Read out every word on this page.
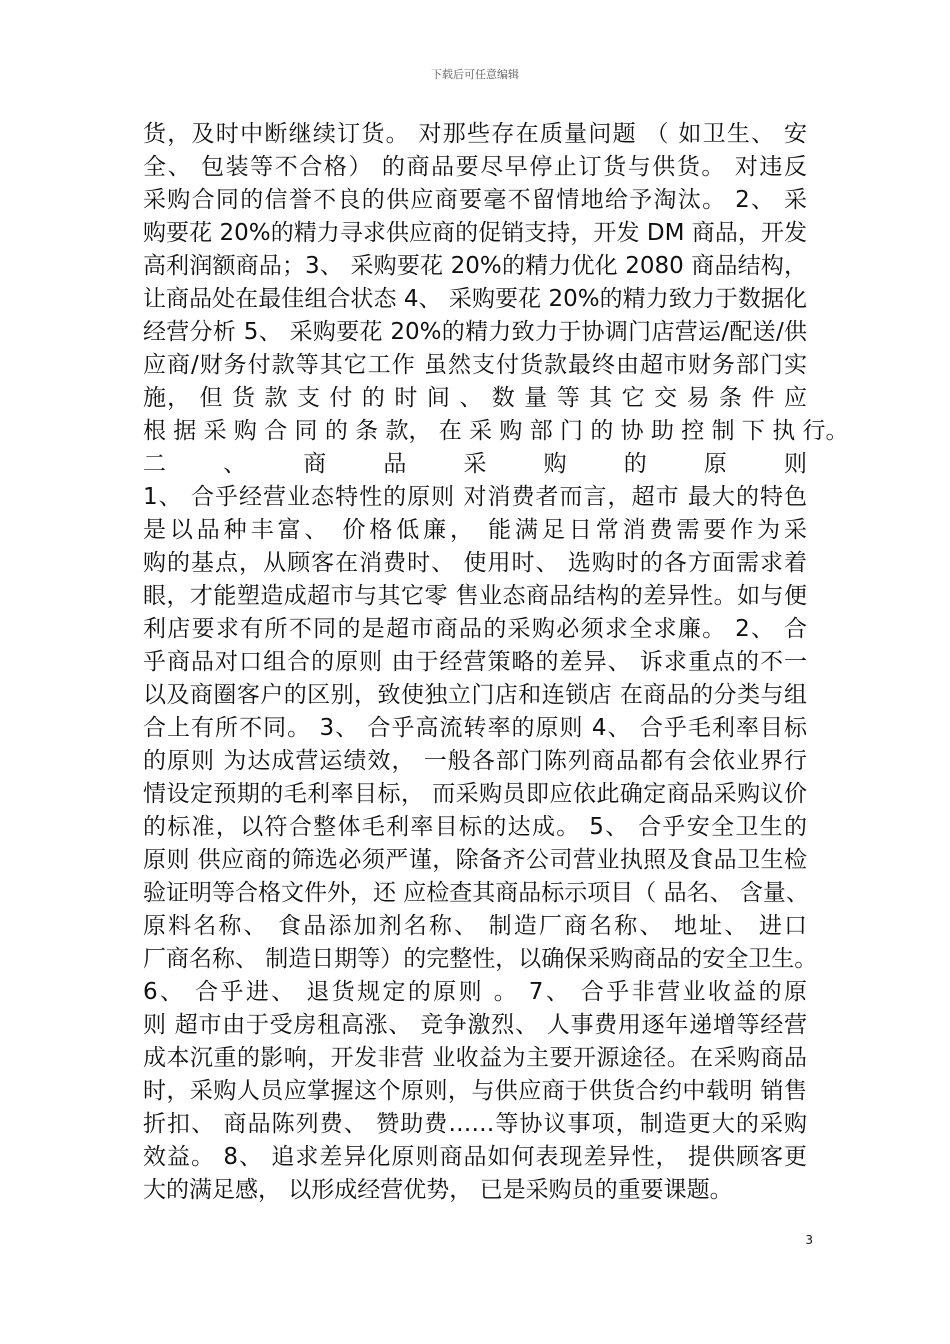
下载后可任意编辑
货，及时中断继续订货。 对那些存在质量问题 （ 如卫生、 安
全、 包装等不合格） 的商品要尽早停止订货与供货。 对违反
采购合同的信誉不良的供应商要毫不留情地给予淘汰。 2、 采
购要花 20%的精力寻求供应商的促销支持，开发 DM 商品，开发
高利润额商品；3、 采购要花 20%的精力优化 2080 商品结构，
让商品处在最佳组合状态 4、 采购要花 20%的精力致力于数据化
经营分析 5、 采购要花 20%的精力致力于协调门店营运/配送/供
应商/财务付款等其它工作 虽然支付货款最终由超市财务部门实
施， 但 货 款 支 付 的 时 间 、 数 量 等 其 它 交 易 条 件 应
根 据 采 购 合 同 的 条 款， 在 采 购 部 门 的 协 助 控 制 下 执 行。
二 、 商 品 采 购 的 原 则
1、 合乎经营业态特性的原则 对消费者而言，超市 最大的特色
是以品种丰富、 价格低廉， 能满足日常消费需要作为采
购的基点，从顾客在消费时、 使用时、 选购时的各方面需求着
眼，才能塑造成超市与其它零 售业态商品结构的差异性。如与便
利店要求有所不同的是超市商品的采购必须求全求廉。 2、 合
乎商品对口组合的原则 由于经营策略的差异、 诉求重点的不一
以及商圈客户的区别，致使独立门店和连锁店 在商品的分类与组
合上有所不同。 3、 合乎高流转率的原则 4、 合乎毛利率目标
的原则 为达成营运绩效， 一般各部门陈列商品都有会依业界行
情设定预期的毛利率目标， 而采购员即应依此确定商品采购议价
的标准，以符合整体毛利率目标的达成。 5、 合乎安全卫生的
原则 供应商的筛选必须严谨，除备齐公司营业执照及食品卫生检
验证明等合格文件外，还 应检查其商品标示项目（ 品名、 含量、
原料名称、 食品添加剂名称、 制造厂商名称、 地址、 进口
厂商名称、 制造日期等）的完整性，以确保采购商品的安全卫生。
6、 合乎进、 退货规定的原则 。 7、 合乎非营业收益的原
则 超市由于受房租高涨、 竞争激烈、 人事费用逐年递增等经营
成本沉重的影响，开发非营 业收益为主要开源途径。在采购商品
时，采购人员应掌握这个原则，与供应商于供货合约中载明 销售
折扣、 商品陈列费、 赞助费……等协议事项，制造更大的采购
效益。 8、 追求差异化原则商品如何表现差异性， 提供顾客更
大的满足感， 以形成经营优势， 已是采购员的重要课题。
3
